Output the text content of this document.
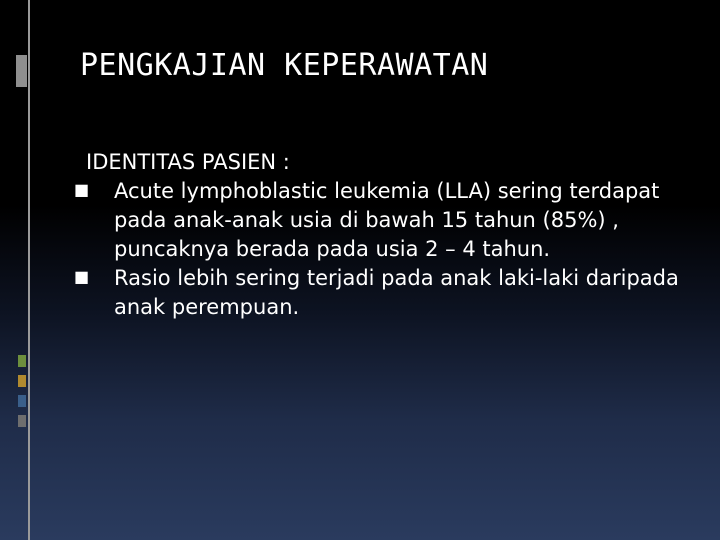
PENGKAJIAN KEPERAWATAN

IDENTITAS PASIEN :

■ Acute lymphoblastic leukemia (LLA) sering terdapat pada anak-anak usia di bawah 15 tahun (85%) , puncaknya berada pada usia 2 – 4 tahun.
■ Rasio lebih sering terjadi pada anak laki-laki daripada anak perempuan.
